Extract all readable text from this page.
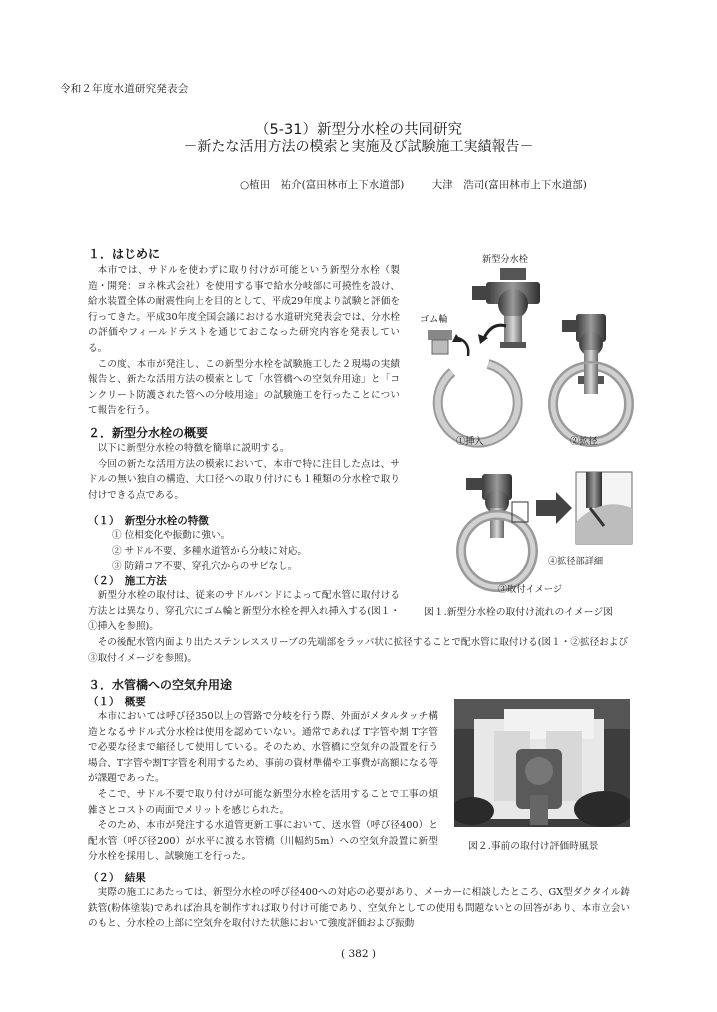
令和２年度水道研究発表会
（5-31）新型分水栓の共同研究
－新たな活用方法の模索と実施及び試験施工実績報告－
○植田　祐介(富田林市上下水道部)	大津　浩司(富田林市上下水道部)
１．はじめに

本市では、サドルを使わずに取り付けが可能という新型分水栓（製造・開発：ヨネ株式会社）を使用する事で給水分岐部に可撓性を設け、給水装置全体の耐震性向上を目的として、平成29年度より試験と評価を行ってきた。平成30年度全国会議における水道研究発表会では、分水栓の評価やフィールドテストを通じておこなった研究内容を発表している。

この度、本市が発注し、この新型分水栓を試験施工した２現場の実績報告と、新たな活用方法の模索として「水管橋への空気弁用途」と「コンクリート防護された管への分岐用途」の試験施工を行ったことについて報告を行う。

２．新型分水栓の概要

以下に新型分水栓の特徴を簡単に説明する。

今回の新たな活用方法の模索において、本市で特に注目した点は、サドルの無い独自の構造、大口径への取り付けにも１種類の分水栓で取り付けできる点である。

（１）　新型分水栓の特徴
① 位相変化や振動に強い。
② サドル不要、多種水道管から分岐に対応。
③ 防錆コア不要、穿孔穴からのサビなし。
（２）　施工方法

新型分水栓の取付は、従来のサドルバンドによって配水管に取付ける方法とは異なり、穿孔穴にゴム輪と新型分水栓を押入れ挿入する(図１・①挿入を参照)。

その後配水管内面より出たステンレススリーブの先端部をラッパ状に拡径することで配水管に取付ける(図１・②拡径および③取付イメージを参照)。

新型分水栓
ゴム輪
①挿入	②拡径
④拡径部詳細
③取付イメージ
図１.新型分水栓の取付け流れのイメージ図
３．水管橋への空気弁用途
（１）　概要

本市においては呼び径350以上の管路で分岐を行う際、外面がメタルタッチ構造となるサドル式分水栓は使用を認めていない。通常であれば T字管や割 T字管で必要な径まで縮径して使用している。そのため、水管橋に空気弁の設置を行う場合、T字管や割T字管を利用するため、事前の資材準備や工事費が高額になる等が課題であった。

そこで、サドル不要で取り付けが可能な新型分水栓を活用することで工事の煩雑さとコストの両面でメリットを感じられた。

そのため、本市が発注する水道管更新工事において、送水管（呼び径400）と配水管（呼び径200）が水平に渡る水管橋（川幅約5m）への空気弁設置に新型分水栓を採用し、試験施工を行った。

図２.事前の取付け評価時風景
（２）　結果

実際の施工にあたっては、新型分水栓の呼び径400への対応の必要があり、メーカーに相談したところ、GX型ダクタイル鋳鉄管(粉体塗装)であれば治具を制作すれば取り付け可能であり、空気弁としての使用も問題ないとの回答があり、本市立会いのもと、分水栓の上部に空気弁を取付けた状態において強度評価および振動

( 382 )
